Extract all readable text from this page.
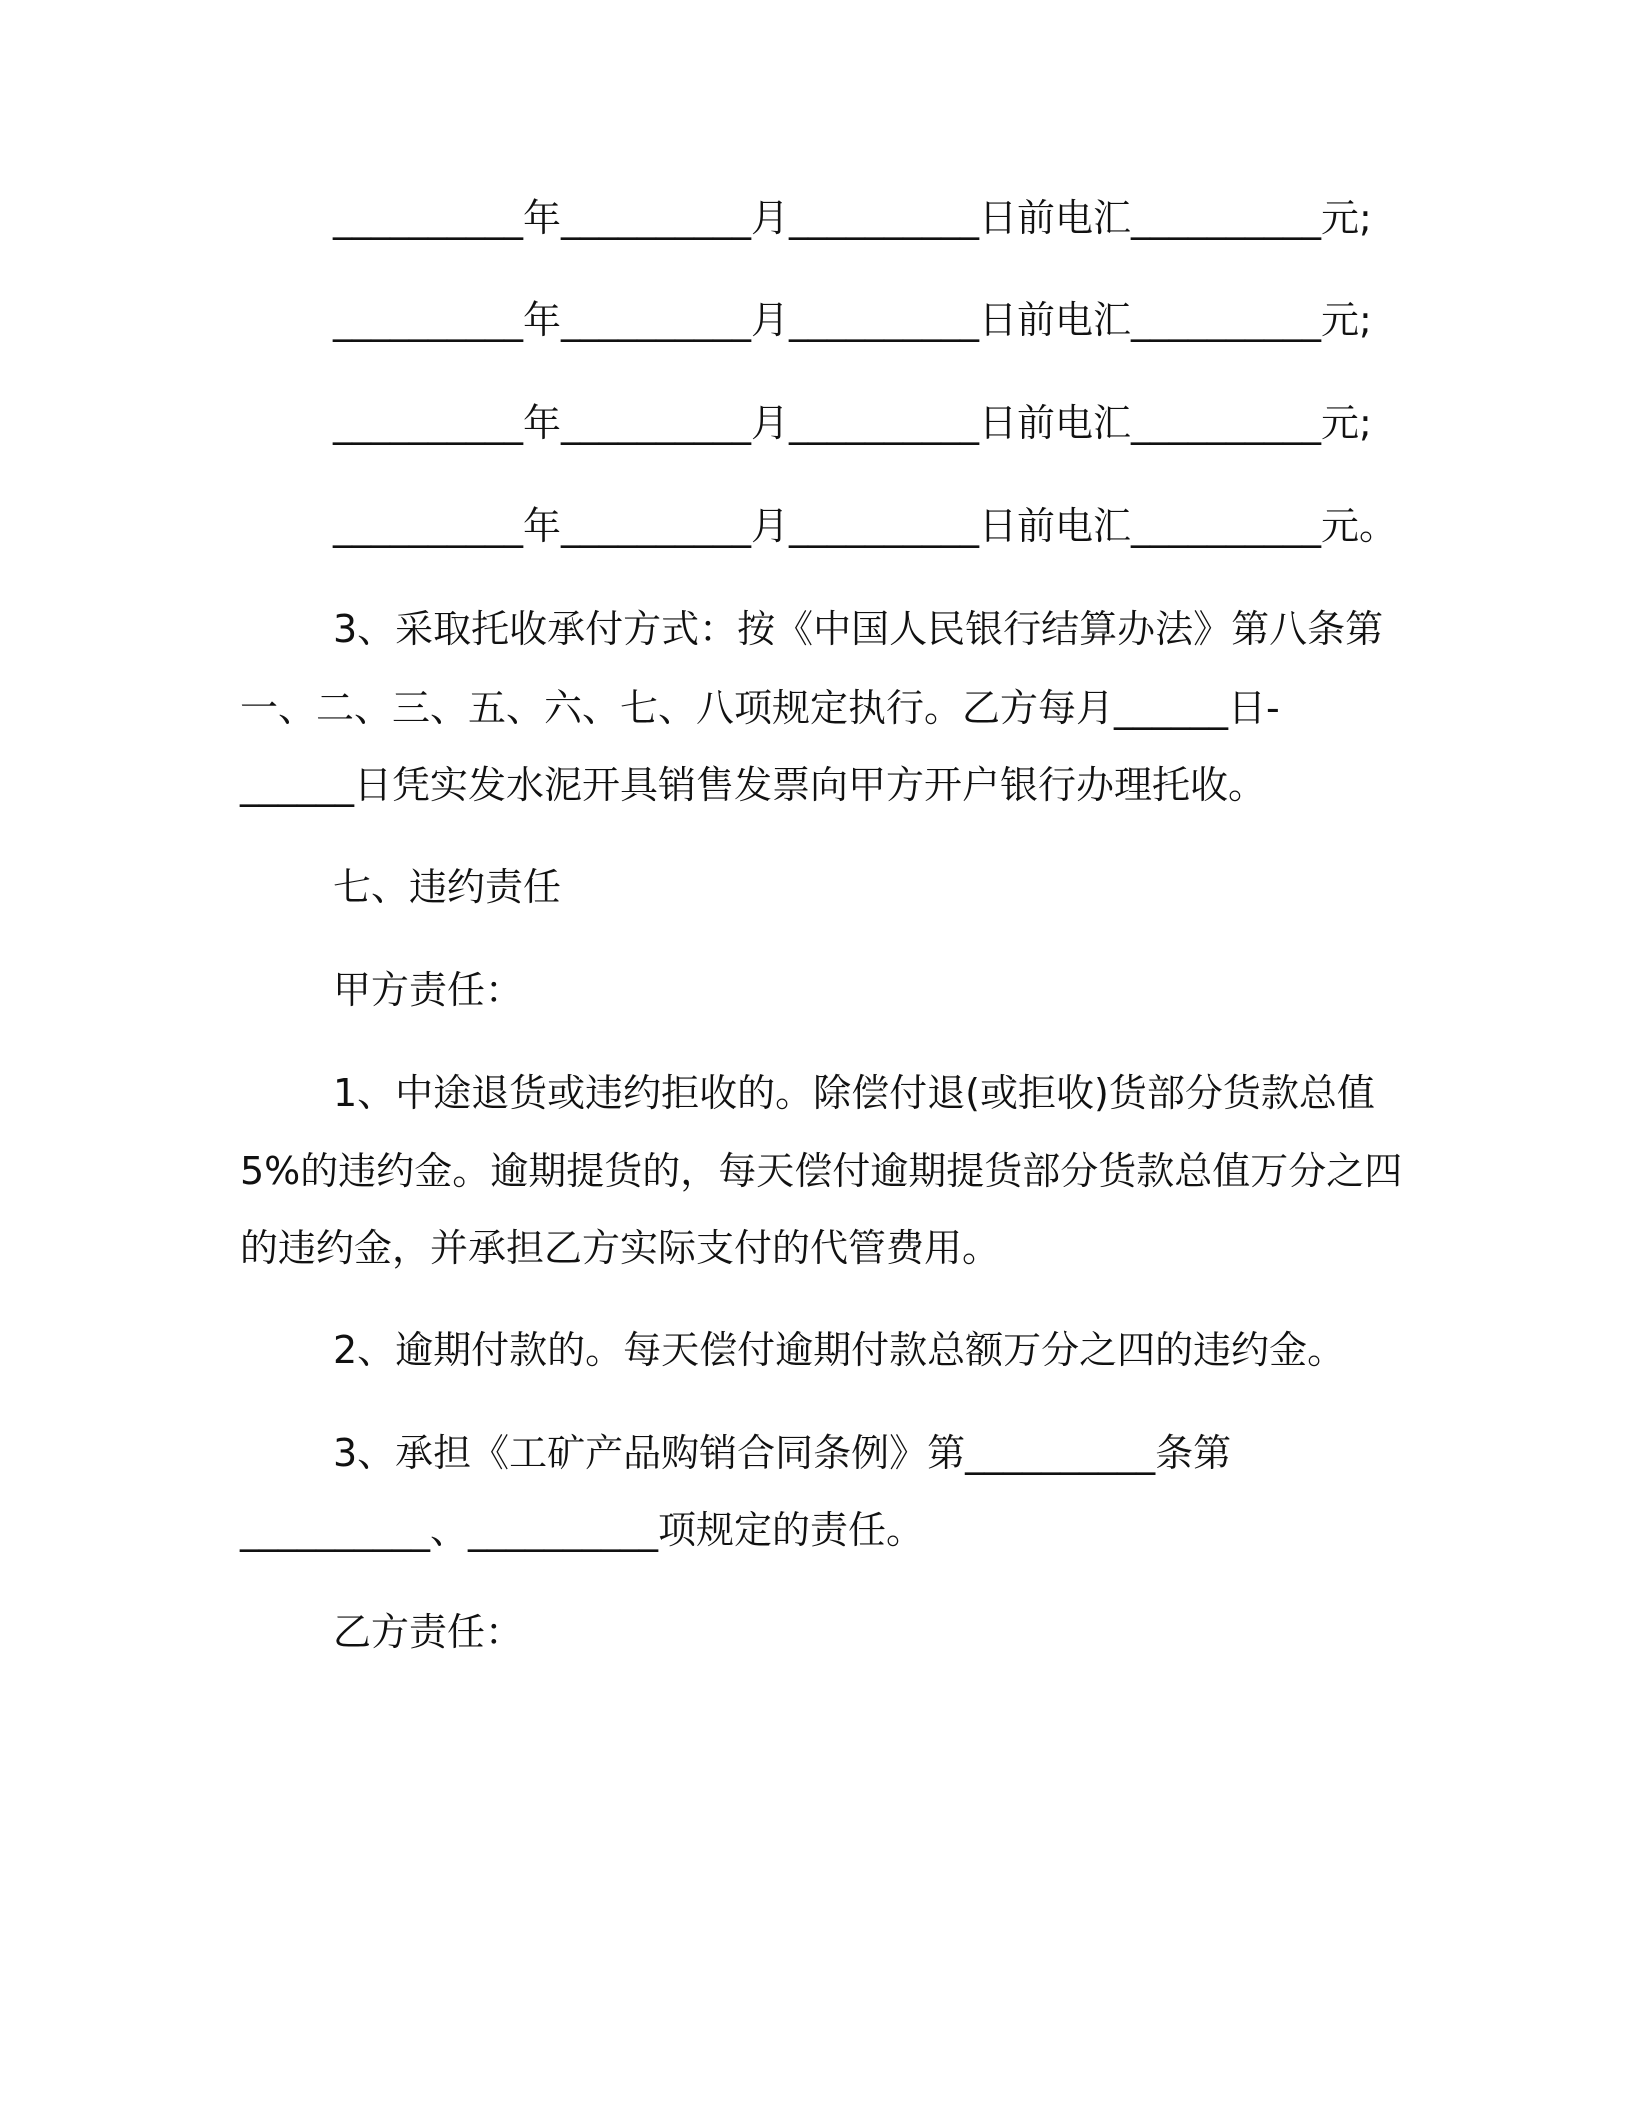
__________年__________月__________日前电汇__________元;
__________年__________月__________日前电汇__________元;
__________年__________月__________日前电汇__________元;
__________年__________月__________日前电汇__________元。
3、采取托收承付方式：按《中国人民银行结算办法》第八条第
一、二、三、五、六、七、八项规定执行。乙方每月______日-
______日凭实发水泥开具销售发票向甲方开户银行办理托收。
七、违约责任
甲方责任：
1、中途退货或违约拒收的。除偿付退(或拒收)货部分货款总值
5%的违约金。逾期提货的，每天偿付逾期提货部分货款总值万分之四
的违约金，并承担乙方实际支付的代管费用。
2、逾期付款的。每天偿付逾期付款总额万分之四的违约金。
3、承担《工矿产品购销合同条例》第__________条第
__________、__________项规定的责任。
乙方责任：
